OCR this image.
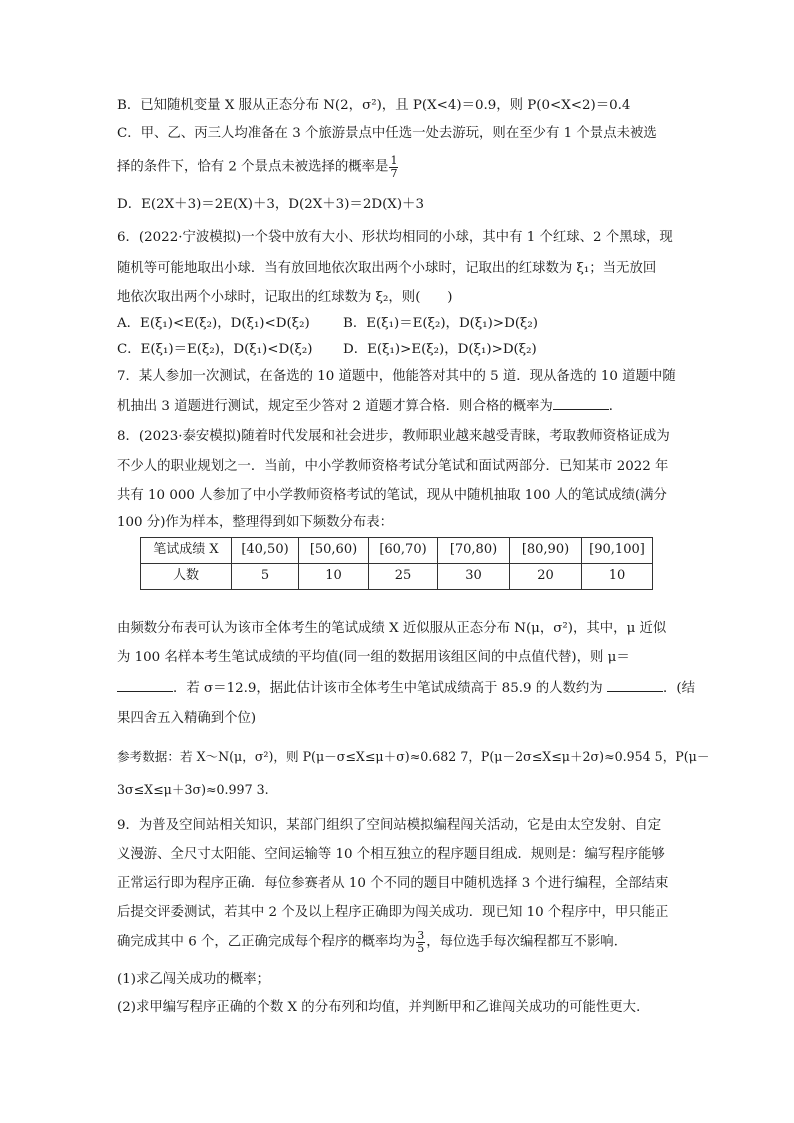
B．已知随机变量 X 服从正态分布 N(2，σ²)，且 P(X<4)＝0.9，则 P(0<X<2)＝0.4
C．甲、乙、丙三人均准备在 3 个旅游景点中任选一处去游玩，则在至少有 1 个景点未被选
择的条件下，恰有 2 个景点未被选择的概率是 $\frac{1}{7}$
D．E(2X＋3)＝2E(X)＋3，D(2X＋3)＝2D(X)＋3
6．(2022·宁波模拟)一个袋中放有大小、形状均相同的小球，其中有 1 个红球、2 个黑球，现
随机等可能地取出小球．当有放回地依次取出两个小球时，记取出的红球数为 ξ₁；当无放回
地依次取出两个小球时，记取出的红球数为 ξ₂，则(　　)
A．E(ξ₁)<E(ξ₂)，D(ξ₁)<D(ξ₂) B．E(ξ₁)＝E(ξ₂)，D(ξ₁)>D(ξ₂)
C．E(ξ₁)＝E(ξ₂)，D(ξ₁)<D(ξ₂) D．E(ξ₁)>E(ξ₂)，D(ξ₁)>D(ξ₂)
7．某人参加一次测试，在备选的 10 道题中，他能答对其中的 5 道．现从备选的 10 道题中随
机抽出 3 道题进行测试，规定至少答对 2 道题才算合格．则合格的概率为	．
8．(2023·泰安模拟)随着时代发展和社会进步，教师职业越来越受青睐，考取教师资格证成为
不少人的职业规划之一．当前，中小学教师资格考试分笔试和面试两部分．已知某市 2022 年
共有 10 000 人参加了中小学教师资格考试的笔试，现从中随机抽取 100 人的笔试成绩(满分
100 分)作为样本，整理得到如下频数分布表：
笔试成绩 X	[40,50)	[50,60)	[60,70)	[70,80)	[80,90)	[90,100]
人数	5	10	25	30	20	10
由频数分布表可认为该市全体考生的笔试成绩 X 近似服从正态分布 N(μ，σ²)，其中，μ 近似
为 100 名样本考生笔试成绩的平均值(同一组的数据用该组区间的中点值代替)，则 μ＝
．若 σ＝12.9，据此估计该市全体考生中笔试成绩高于 85.9 的人数约为	．(结
果四舍五入精确到个位)
参考数据：若 X～N(μ，σ²)，则 P(μ－σ≤X≤μ＋σ)≈0.682 7，P(μ－2σ≤X≤μ＋2σ)≈0.954 5，P(μ－
3σ≤X≤μ＋3σ)≈0.997 3.
9．为普及空间站相关知识，某部门组织了空间站模拟编程闯关活动，它是由太空发射、自定
义漫游、全尺寸太阳能、空间运输等 10 个相互独立的程序题目组成．规则是：编写程序能够
正常运行即为程序正确．每位参赛者从 10 个不同的题目中随机选择 3 个进行编程，全部结束
后提交评委测试，若其中 2 个及以上程序正确即为闯关成功．现已知 10 个程序中，甲只能正
确完成其中 6 个，乙正确完成每个程序的概率均为 $\frac{3}{5}$ ，每位选手每次编程都互不影响．
(1)求乙闯关成功的概率；
(2)求甲编写程序正确的个数 X 的分布列和均值，并判断甲和乙谁闯关成功的可能性更大．
